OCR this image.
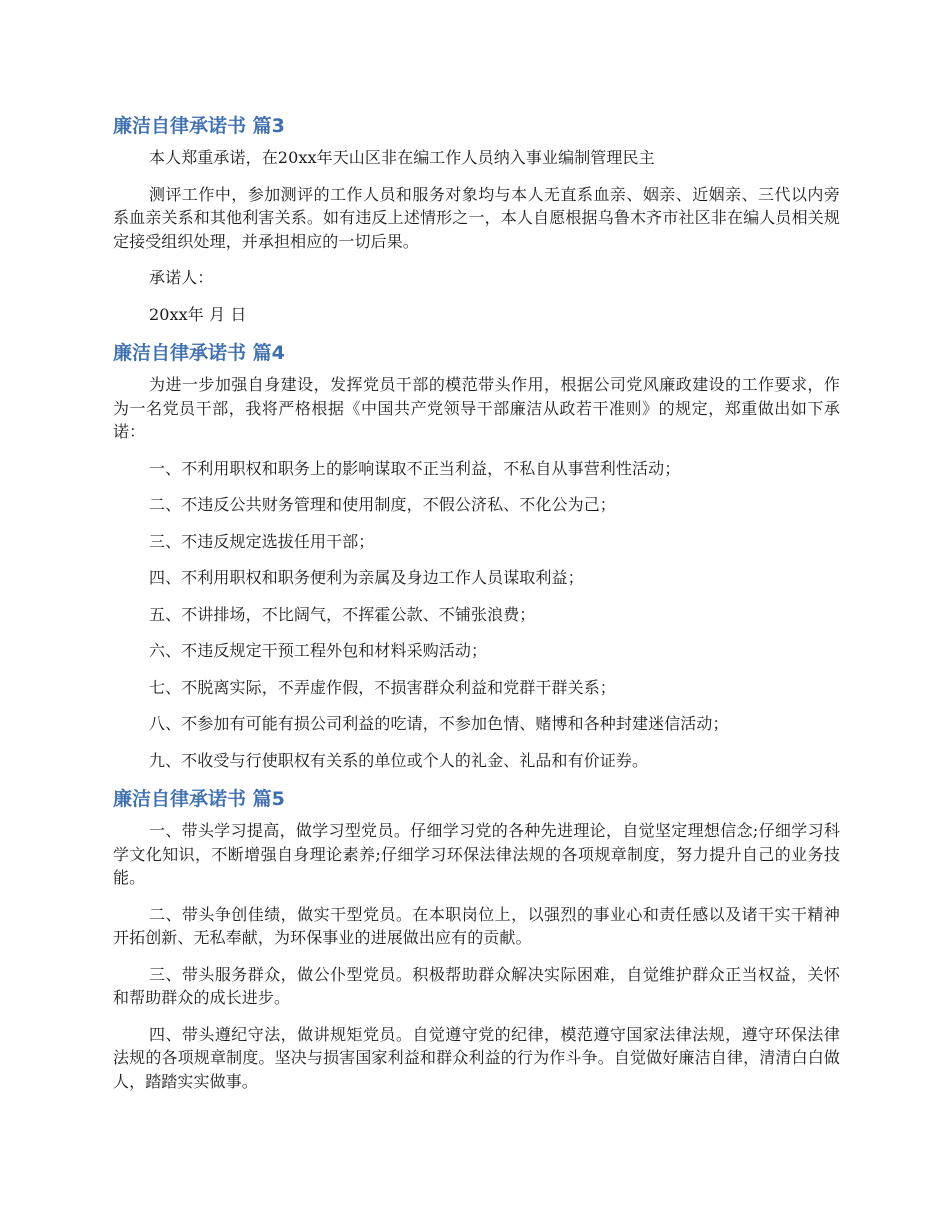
廉洁自律承诺书 篇3

本人郑重承诺，在20xx年天山区非在编工作人员纳入事业编制管理民主

测评工作中，参加测评的工作人员和服务对象均与本人无直系血亲、姻亲、近姻亲、三代以内旁系血亲关系和其他利害关系。如有违反上述情形之一，本人自愿根据乌鲁木齐市社区非在编人员相关规定接受组织处理，并承担相应的一切后果。

承诺人：

20xx年 月 日

廉洁自律承诺书 篇4

为进一步加强自身建设，发挥党员干部的模范带头作用，根据公司党风廉政建设的工作要求，作为一名党员干部，我将严格根据《中国共产党领导干部廉洁从政若干准则》的规定，郑重做出如下承诺：

一、不利用职权和职务上的影响谋取不正当利益，不私自从事营利性活动；

二、不违反公共财务管理和使用制度，不假公济私、不化公为己；

三、不违反规定选拔任用干部；

四、不利用职权和职务便利为亲属及身边工作人员谋取利益；

五、不讲排场，不比阔气，不挥霍公款、不铺张浪费；

六、不违反规定干预工程外包和材料采购活动；

七、不脱离实际，不弄虚作假，不损害群众利益和党群干群关系；

八、不参加有可能有损公司利益的吃请，不参加色情、赌博和各种封建迷信活动；

九、不收受与行使职权有关系的单位或个人的礼金、礼品和有价证券。

廉洁自律承诺书 篇5

一、带头学习提高，做学习型党员。仔细学习党的各种先进理论，自觉坚定理想信念;仔细学习科学文化知识，不断增强自身理论素养;仔细学习环保法律法规的各项规章制度，努力提升自己的业务技能。

二、带头争创佳绩，做实干型党员。在本职岗位上，以强烈的事业心和责任感以及诸干实干精神开拓创新、无私奉献，为环保事业的进展做出应有的贡献。

三、带头服务群众，做公仆型党员。积极帮助群众解决实际困难，自觉维护群众正当权益，关怀和帮助群众的成长进步。

四、带头遵纪守法，做讲规矩党员。自觉遵守党的纪律，模范遵守国家法律法规，遵守环保法律法规的各项规章制度。坚决与损害国家利益和群众利益的行为作斗争。自觉做好廉洁自律，清清白白做人，踏踏实实做事。
